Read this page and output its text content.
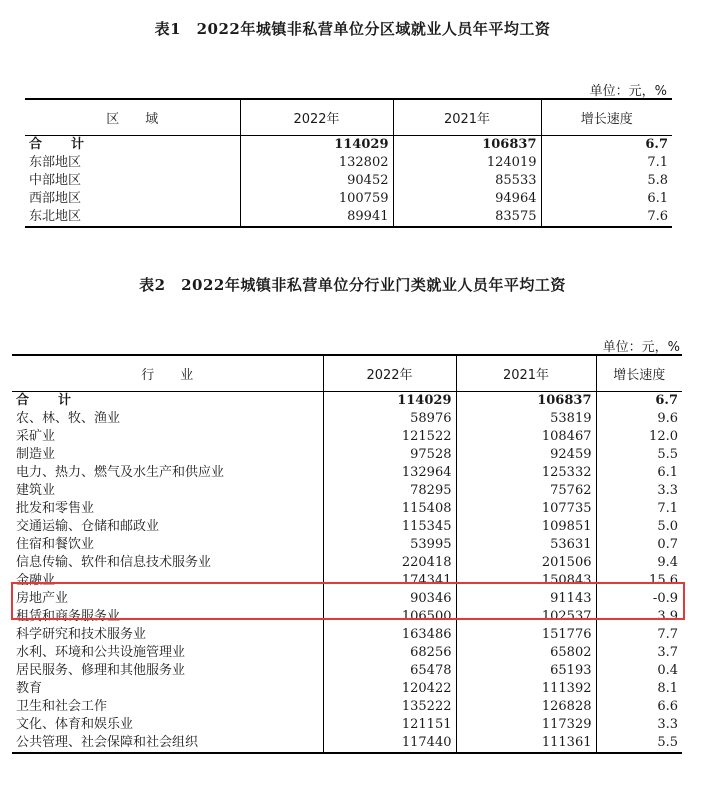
表1　2022年城镇非私营单位分区域就业人员年平均工资
单位：元，%
区　　域	2022年	2021年	增长速度
合　计	114029	106837	6.7
东部地区	132802	124019	7.1
中部地区	90452	85533	5.8
西部地区	100759	94964	6.1
东北地区	89941	83575	7.6
表2　2022年城镇非私营单位分行业门类就业人员年平均工资
单位：元，%
行　　业	2022年	2021年	增长速度
合　计	114029	106837	6.7
农、林、牧、渔业	58976	53819	9.6
采矿业	121522	108467	12.0
制造业	97528	92459	5.5
电力、热力、燃气及水生产和供应业	132964	125332	6.1
建筑业	78295	75762	3.3
批发和零售业	115408	107735	7.1
交通运输、仓储和邮政业	115345	109851	5.0
住宿和餐饮业	53995	53631	0.7
信息传输、软件和信息技术服务业	220418	201506	9.4
金融业	174341	150843	15.6
房地产业	90346	91143	-0.9
租赁和商务服务业	106500	102537	3.9
科学研究和技术服务业	163486	151776	7.7
水利、环境和公共设施管理业	68256	65802	3.7
居民服务、修理和其他服务业	65478	65193	0.4
教育	120422	111392	8.1
卫生和社会工作	135222	126828	6.6
文化、体育和娱乐业	121151	117329	3.3
公共管理、社会保障和社会组织	117440	111361	5.5
